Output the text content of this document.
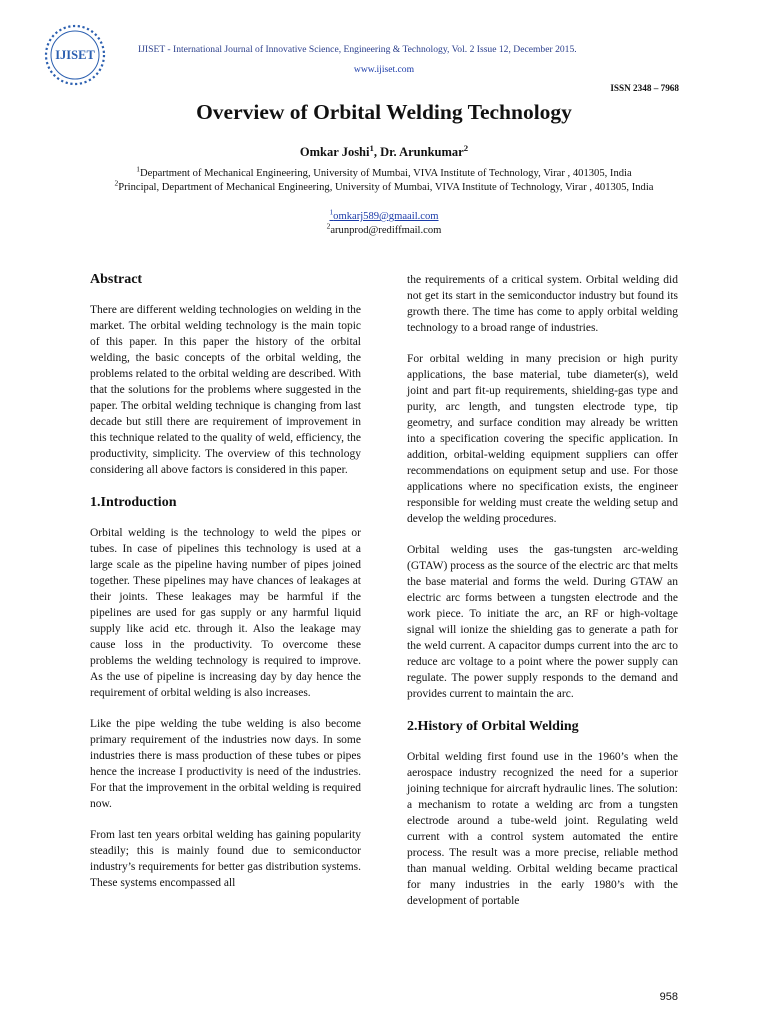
IJISET	IJISET - International Journal of Innovative Science, Engineering & Technology, Vol. 2 Issue 12, December 2015.
www.ijiset.com
ISSN 2348 – 7968
Overview of Orbital Welding Technology
Omkar Joshi$^1$, Dr. Arunkumar$^2$
$^1$Department of Mechanical Engineering, University of Mumbai, VIVA Institute of Technology, Virar , 401305, India
$^2$Principal, Department of Mechanical Engineering, University of Mumbai, VIVA Institute of Technology, Virar , 401305, India
$^1$omkarj589@gmaail.com
$^2$arunprod@rediffmail.com
Abstract

There are different welding technologies on welding in the market. The orbital welding technology is the main topic of this paper. In this paper the history of the orbital welding, the basic concepts of the orbital welding, the problems related to the orbital welding are described. With that the solutions for the problems where suggested in the paper. The orbital welding technique is changing from last decade but still there are requirement of improvement in this technique related to the quality of weld, efficiency, the productivity, simplicity. The overview of this technology considering all above factors is considered in this paper.

1.Introduction

Orbital welding is the technology to weld the pipes or tubes. In case of pipelines this technology is used at a large scale as the pipeline having number of pipes joined together. These pipelines may have chances of leakages at their joints. These leakages may be harmful if the pipelines are used for gas supply or any harmful liquid supply like acid etc. through it. Also the leakage may cause loss in the productivity. To overcome these problems the welding technology is required to improve. As the use of pipeline is increasing day by day hence the requirement of orbital welding is also increases.

Like the pipe welding the tube welding is also become primary requirement of the industries now days. In some industries there is mass production of these tubes or pipes hence the increase I productivity is need of the industries. For that the improvement in the orbital welding is required now.

From last ten years orbital welding has gaining popularity steadily; this is mainly found due to semiconductor industry’s requirements for better gas distribution systems. These systems encompassed all

the requirements of a critical system. Orbital welding did not get its start in the semiconductor industry but found its growth there. The time has come to apply orbital welding technology to a broad range of industries.

For orbital welding in many precision or high purity applications, the base material, tube diameter(s), weld joint and part fit-up requirements, shielding-gas type and purity, arc length, and tungsten electrode type, tip geometry, and surface condition may already be written into a specification covering the specific application. In addition, orbital-welding equipment suppliers can offer recommendations on equipment setup and use. For those applications where no specification exists, the engineer responsible for welding must create the welding setup and develop the welding procedures.

Orbital welding uses the gas-tungsten arc-welding (GTAW) process as the source of the electric arc that melts the base material and forms the weld. During GTAW an electric arc forms between a tungsten electrode and the work piece. To initiate the arc, an RF or high-voltage signal will ionize the shielding gas to generate a path for the weld current. A capacitor dumps current into the arc to reduce arc voltage to a point where the power supply can regulate. The power supply responds to the demand and provides current to maintain the arc.

2.History of Orbital Welding

Orbital welding first found use in the 1960’s when the aerospace industry recognized the need for a superior joining technique for aircraft hydraulic lines. The solution: a mechanism to rotate a welding arc from a tungsten electrode around a tube-weld joint. Regulating weld current with a control system automated the entire process. The result was a more precise, reliable method than manual welding. Orbital welding became practical for many industries in the early 1980’s with the development of portable

958
